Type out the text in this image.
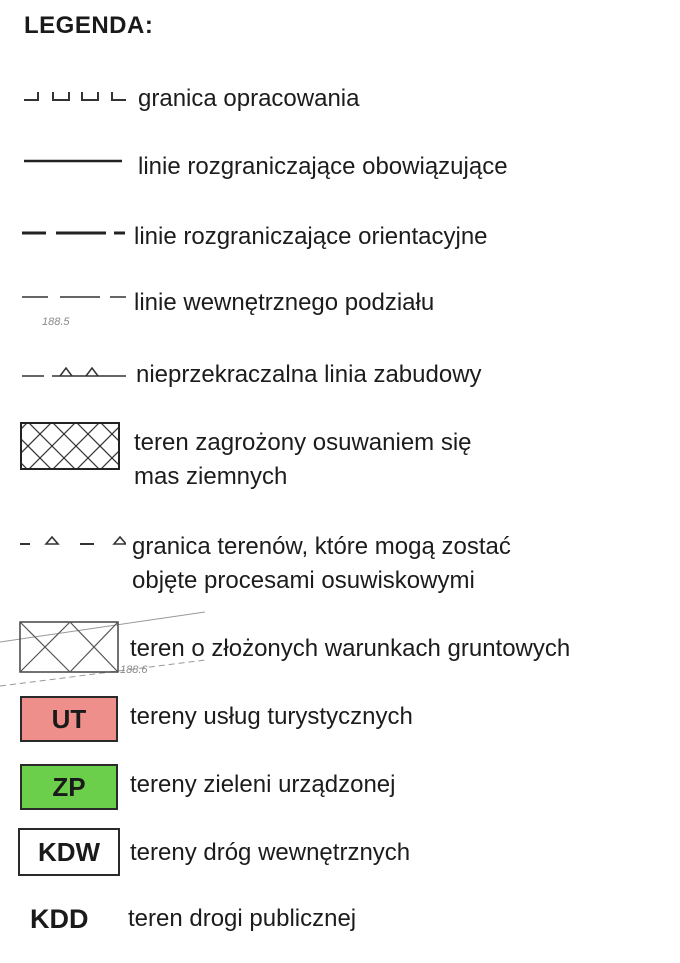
LEGENDA:
granica opracowania
linie rozgraniczające obowiązujące
linie rozgraniczające orientacyjne
188.5
linie wewnętrznego podziału
nieprzekraczalna linia zabudowy
teren zagrożony osuwaniem się
mas ziemnych
granica terenów, które mogą zostać
objęte procesami osuwiskowymi
188.6
teren o złożonych warunkach gruntowych
UT	tereny usług turystycznych
ZP	tereny zieleni urządzonej
KDW	tereny dróg wewnętrznych
KDD teren drogi publicznej
